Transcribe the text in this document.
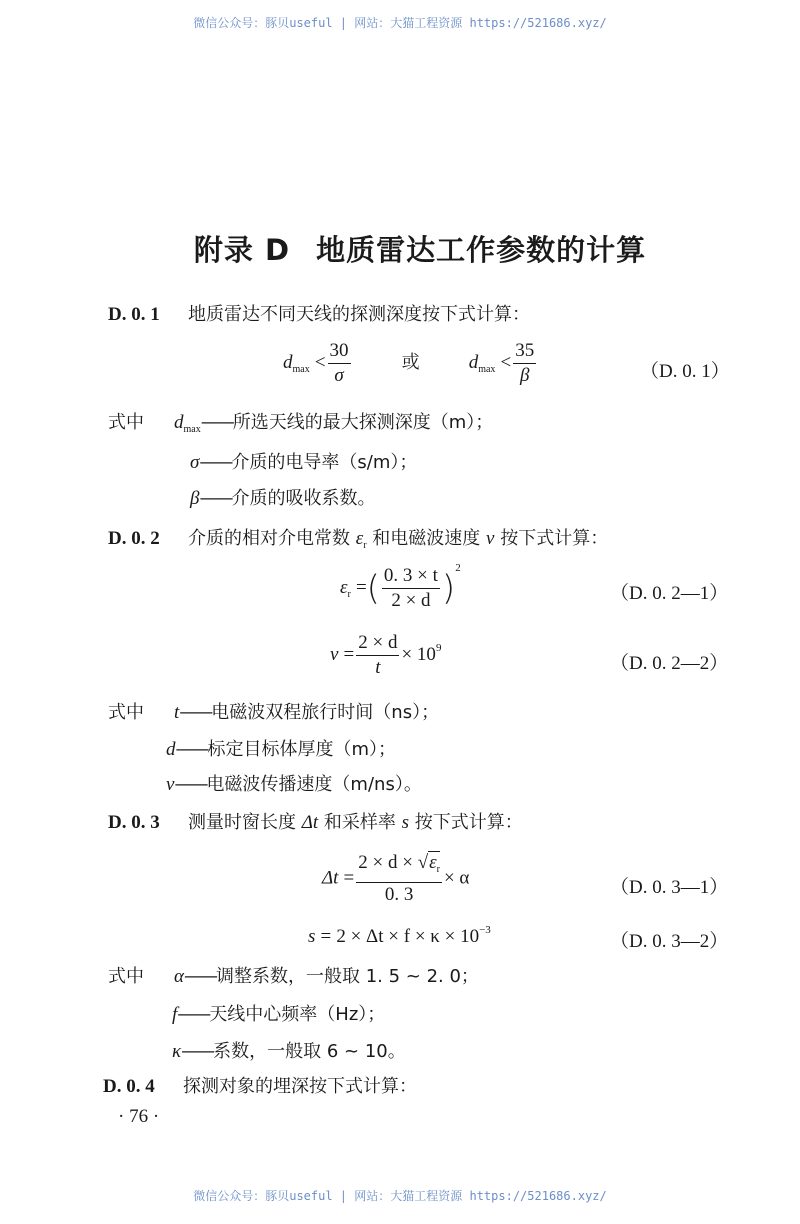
微信公众号：豚贝useful | 网站：大猫工程资源 https://521686.xyz/
附录 D 地质雷达工作参数的计算
D. 0. 1 地质雷达不同天线的探测深度按下式计算：
$d_{max} < \frac{30}{\sigma}$	或	$d_{max} < \frac{35}{\beta}$	（D. 0. 1）
式中 $d_{max}——$所选天线的最大探测深度（m）；
σ——介质的电导率（s/m）；
β——介质的吸收系数。
D. 0. 2 介质的相对介电常数 $\varepsilon_r$ 和电磁波速度 v 按下式计算：
$\varepsilon_r$ =( $\frac{0. 3 \times t}{2 \times d} )^2$
（D. 0. 2—1）
$v = \frac{2 \times d}{t} \times 10^9$
（D. 0. 2—2）
式中 t——电磁波双程旅行时间（ns）；
d——标定目标体厚度（m）；
v——电磁波传播速度（m/ns）。
D. 0. 3 测量时窗长度 Δt 和采样率 s 按下式计算：
$\Delta t = \frac{2 \times d \times √\varepsilon_r}{0. 3} \times \alpha$	（D. 0. 3—1）
$s = 2 \times \Delta t \times f \times \kappa \times 10^{-3}$
（D. 0. 3—2）
式中 α——调整系数，一般取 1. 5 ~ 2. 0；
f——天线中心频率（Hz）；
κ——系数，一般取 6 ~ 10。
D. 0. 4 探测对象的埋深按下式计算：
· 76 ·
微信公众号：豚贝useful | 网站：大猫工程资源 https://521686.xyz/
